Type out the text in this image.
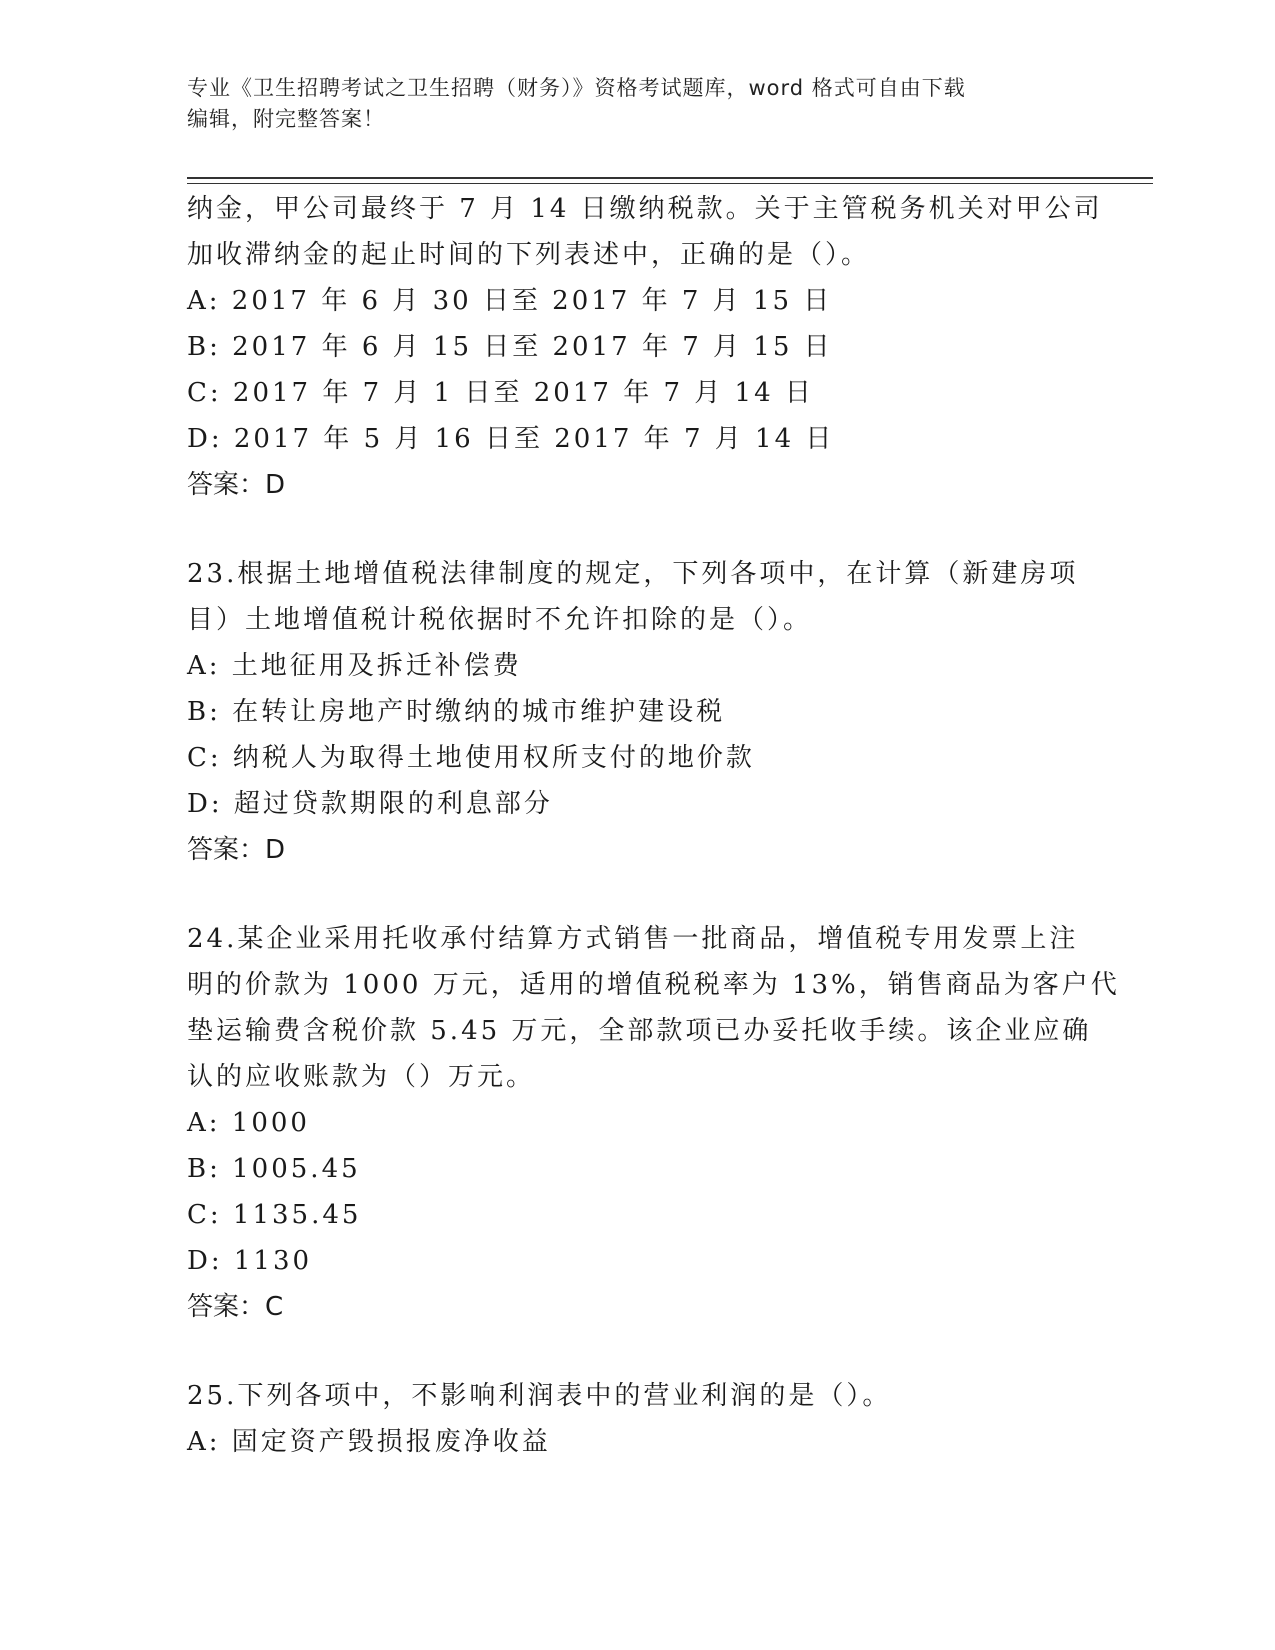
专业《卫生招聘考试之卫生招聘（财务）》资格考试题库，word 格式可自由下载
编辑，附完整答案！
纳金，甲公司最终于 7 月 14 日缴纳税款。关于主管税务机关对甲公司
加收滞纳金的起止时间的下列表述中，正确的是（）。
A: 2017 年 6 月 30 日至 2017 年 7 月 15 日
B: 2017 年 6 月 15 日至 2017 年 7 月 15 日
C: 2017 年 7 月 1 日至 2017 年 7 月 14 日
D: 2017 年 5 月 16 日至 2017 年 7 月 14 日
答案：D
23.根据土地增值税法律制度的规定，下列各项中，在计算（新建房项
目）土地增值税计税依据时不允许扣除的是（）。
A: 土地征用及拆迁补偿费
B: 在转让房地产时缴纳的城市维护建设税
C: 纳税人为取得土地使用权所支付的地价款
D: 超过贷款期限的利息部分
答案：D
24.某企业采用托收承付结算方式销售一批商品，增值税专用发票上注
明的价款为 1000 万元，适用的增值税税率为 13%，销售商品为客户代
垫运输费含税价款 5.45 万元，全部款项已办妥托收手续。该企业应确
认的应收账款为（）万元。
A: 1000
B: 1005.45
C: 1135.45
D: 1130
答案：C
25.下列各项中，不影响利润表中的营业利润的是（）。
A: 固定资产毁损报废净收益
